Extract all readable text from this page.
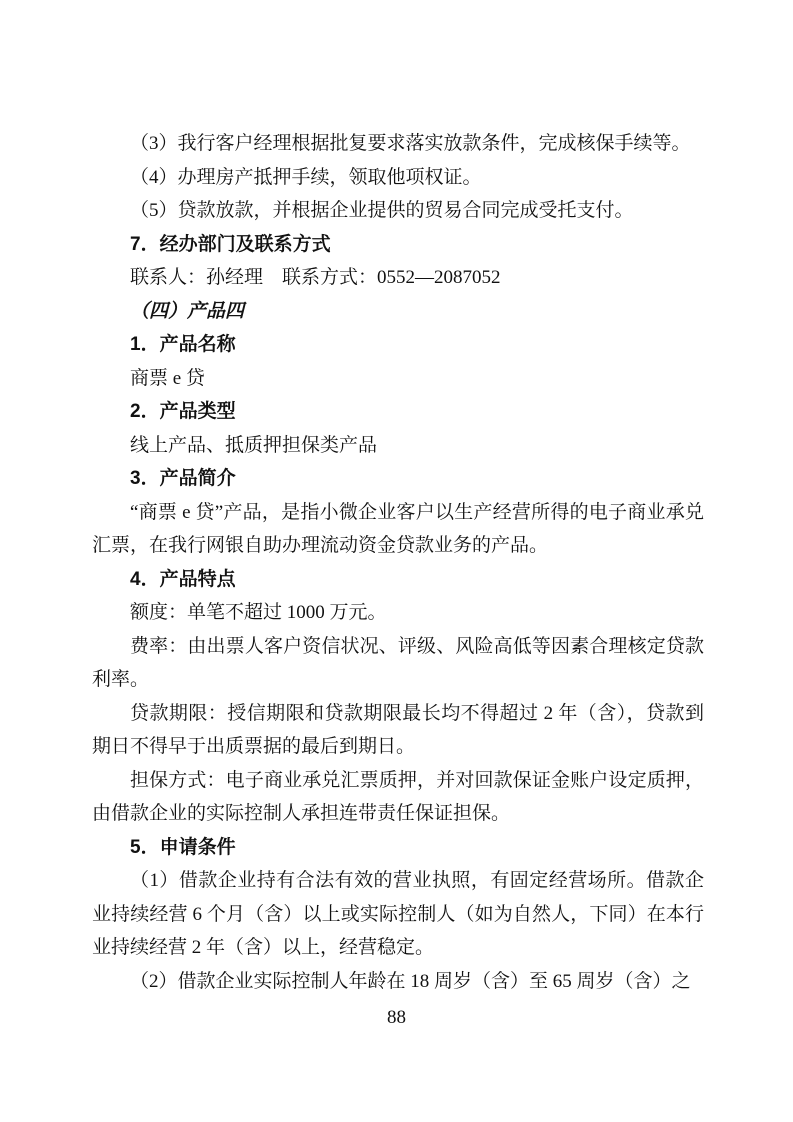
（3）我行客户经理根据批复要求落实放款条件，完成核保手续等。
（4）办理房产抵押手续，领取他项权证。
（5）贷款放款，并根据企业提供的贸易合同完成受托支付。
7．经办部门及联系方式
联系人：孙经理　联系方式：0552—2087052
（四）产品四
1．产品名称
商票 e 贷
2．产品类型
线上产品、抵质押担保类产品
3．产品简介
“商票 e 贷”产品，是指小微企业客户以生产经营所得的电子商业承兑汇票，在我行网银自助办理流动资金贷款业务的产品。
4．产品特点
额度：单笔不超过 1000 万元。
费率：由出票人客户资信状况、评级、风险高低等因素合理核定贷款利率。
贷款期限：授信期限和贷款期限最长均不得超过 2 年（含），贷款到期日不得早于出质票据的最后到期日。
担保方式：电子商业承兑汇票质押，并对回款保证金账户设定质押，由借款企业的实际控制人承担连带责任保证担保。
5．申请条件
（1）借款企业持有合法有效的营业执照，有固定经营场所。借款企业持续经营 6 个月（含）以上或实际控制人（如为自然人，下同）在本行业持续经营 2 年（含）以上，经营稳定。
（2）借款企业实际控制人年龄在 18 周岁（含）至 65 周岁（含）之
88
